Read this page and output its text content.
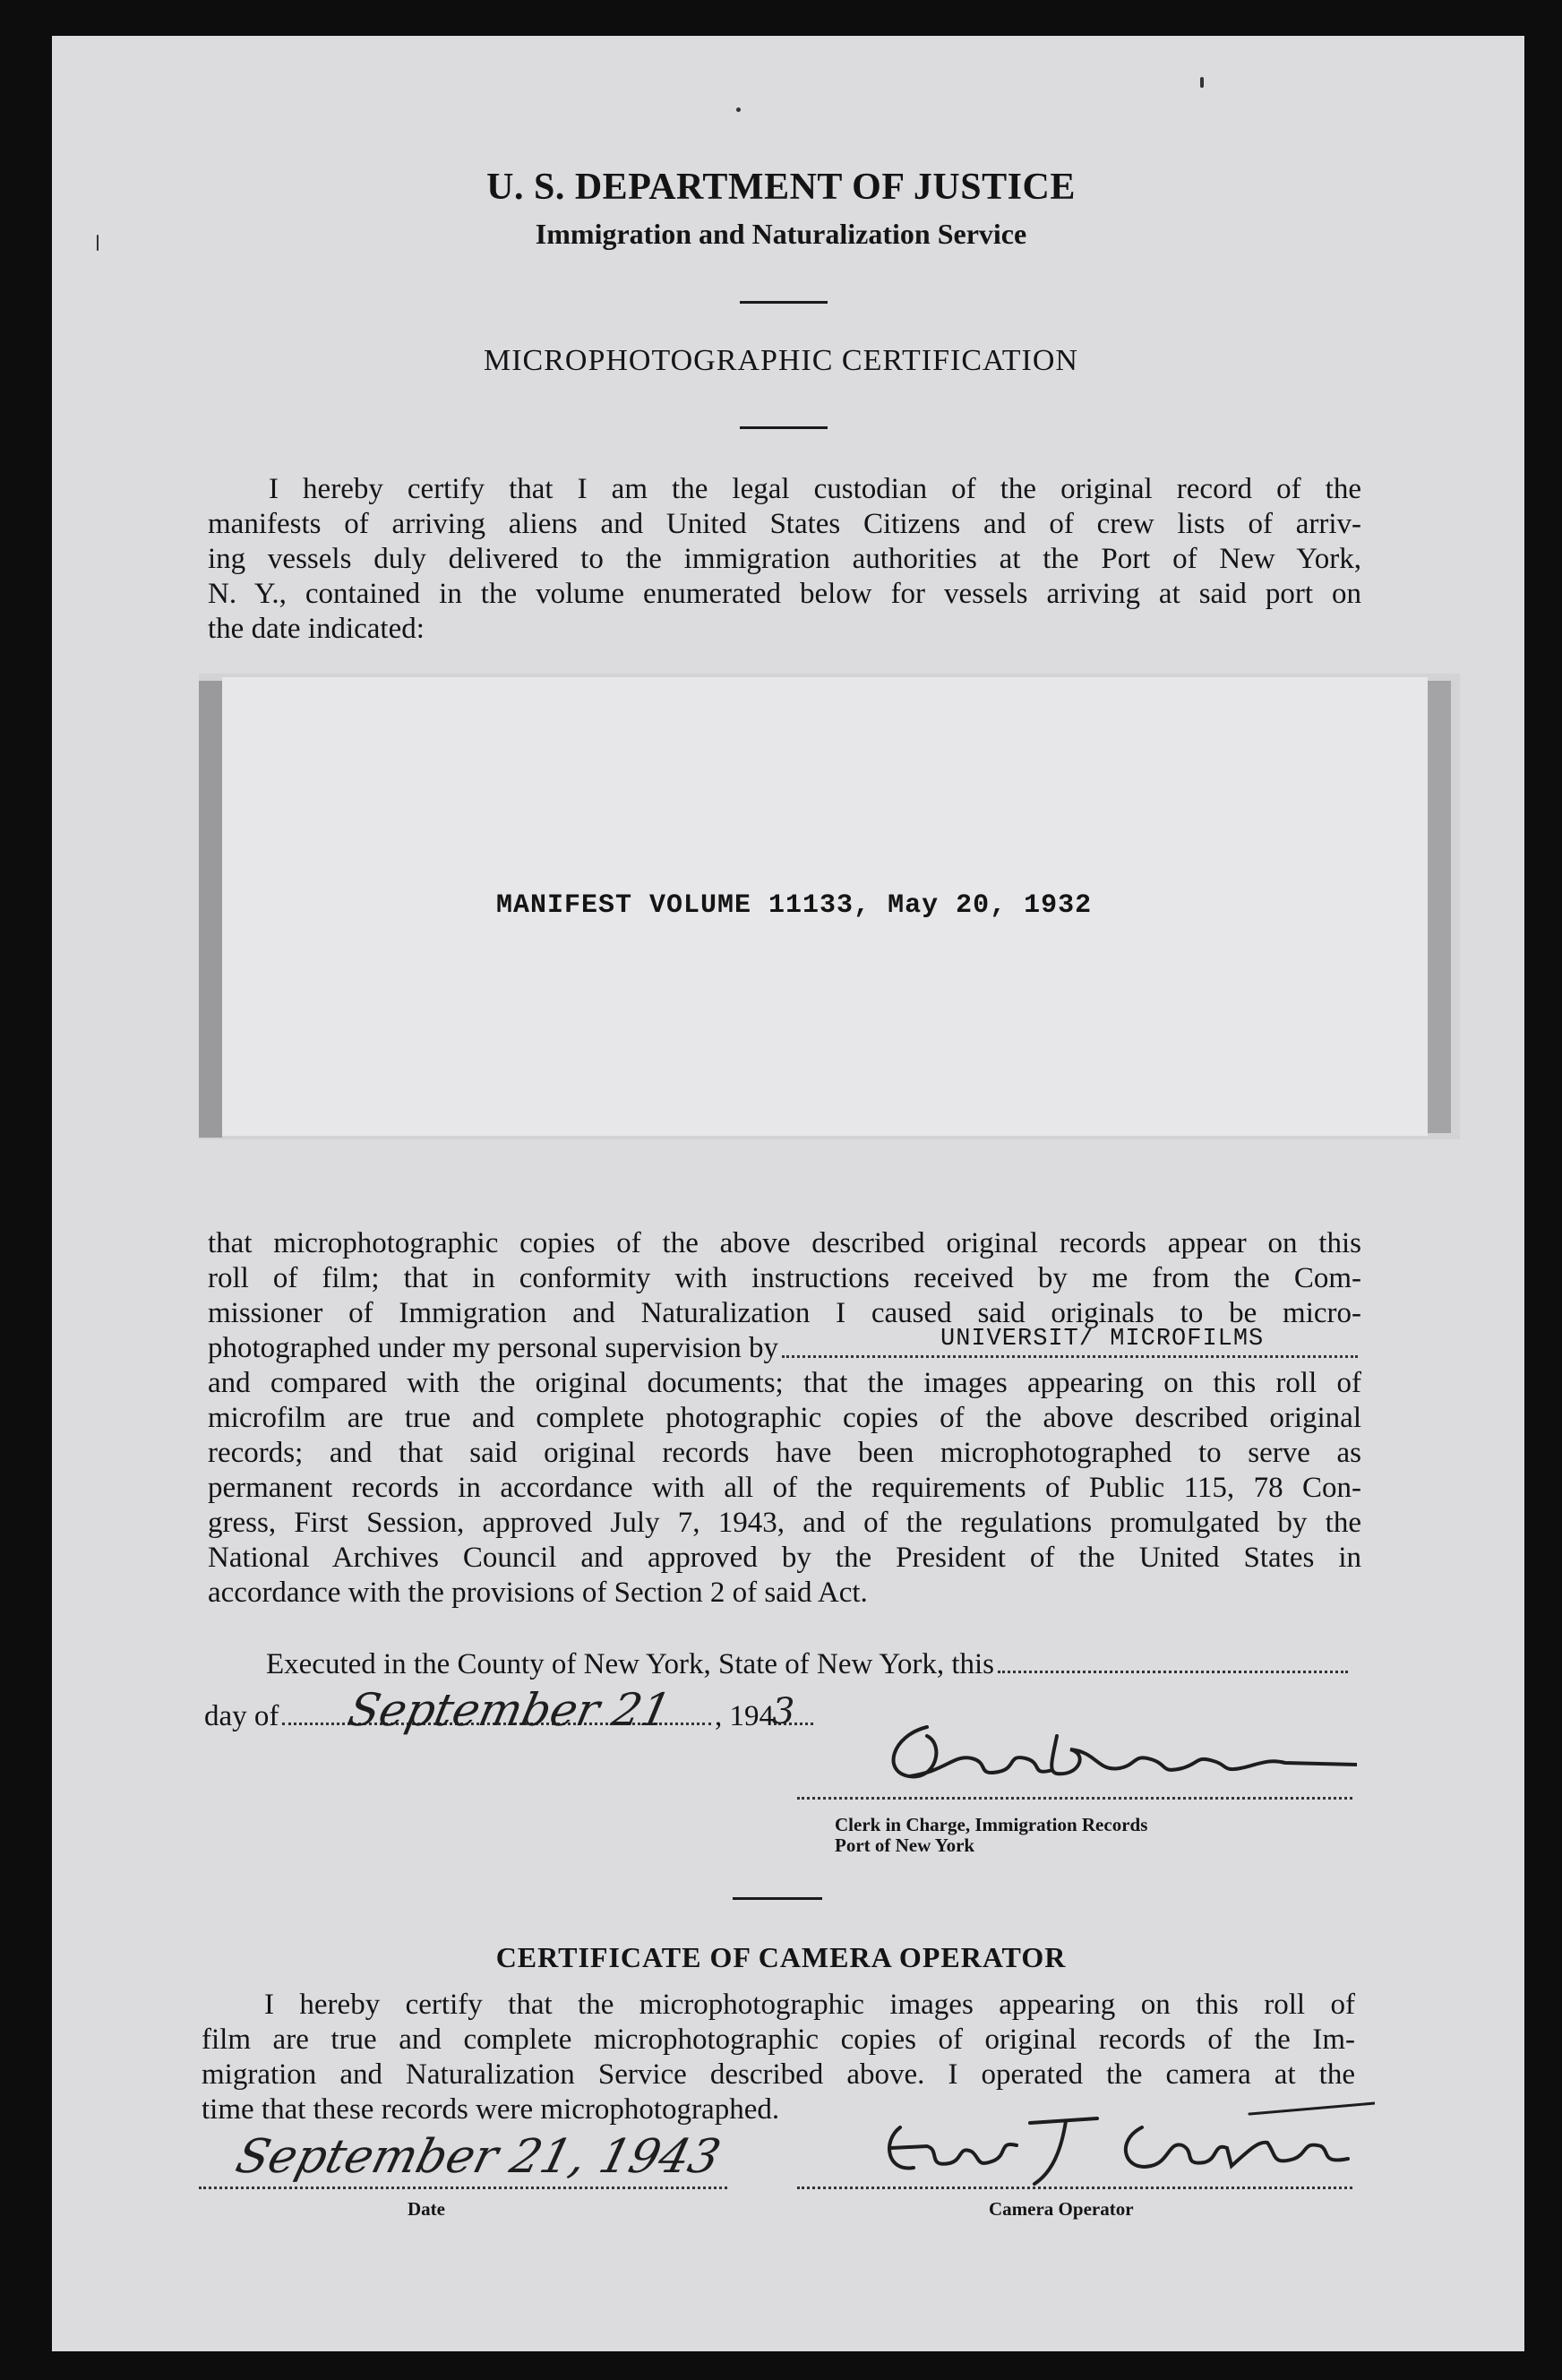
U. S. DEPARTMENT OF JUSTICE
Immigration and Naturalization Service
MICROPHOTOGRAPHIC CERTIFICATION
I hereby certify that I am the legal custodian of the original record of the
manifests of arriving aliens and United States Citizens and of crew lists of arriv-
ing vessels duly delivered to the immigration authorities at the Port of New York,
N. Y., contained in the volume enumerated below for vessels arriving at said port on
the date indicated:
MANIFEST VOLUME 11133, May 20, 1932
that microphotographic copies of the above described original records appear on this
roll of film; that in conformity with instructions received by me from the Com-
missioner of Immigration and Naturalization I caused said originals to be micro-
photographed under my personal supervision by
and compared with the original documents; that the images appearing on this roll of
microfilm are true and complete photographic copies of the above described original
records; and that said original records have been microphotographed to serve as
permanent records in accordance with all of the requirements of Public 115, 78 Con-
gress, First Session, approved July 7, 1943, and of the regulations promulgated by the
National Archives Council and approved by the President of the United States in
accordance with the provisions of Section 2 of said Act.
UNIVERSIT/ MICROFILMS
Executed in the County of New York, State of New York, this
day of	, 194
September 21	3
Clerk in Charge, Immigration Records
Port of New York
CERTIFICATE OF CAMERA OPERATOR
I hereby certify that the microphotographic images appearing on this roll of
film are true and complete microphotographic copies of original records of the Im-
migration and Naturalization Service described above. I operated the camera at the
time that these records were microphotographed.
September 21, 1943
Date	Camera Operator
